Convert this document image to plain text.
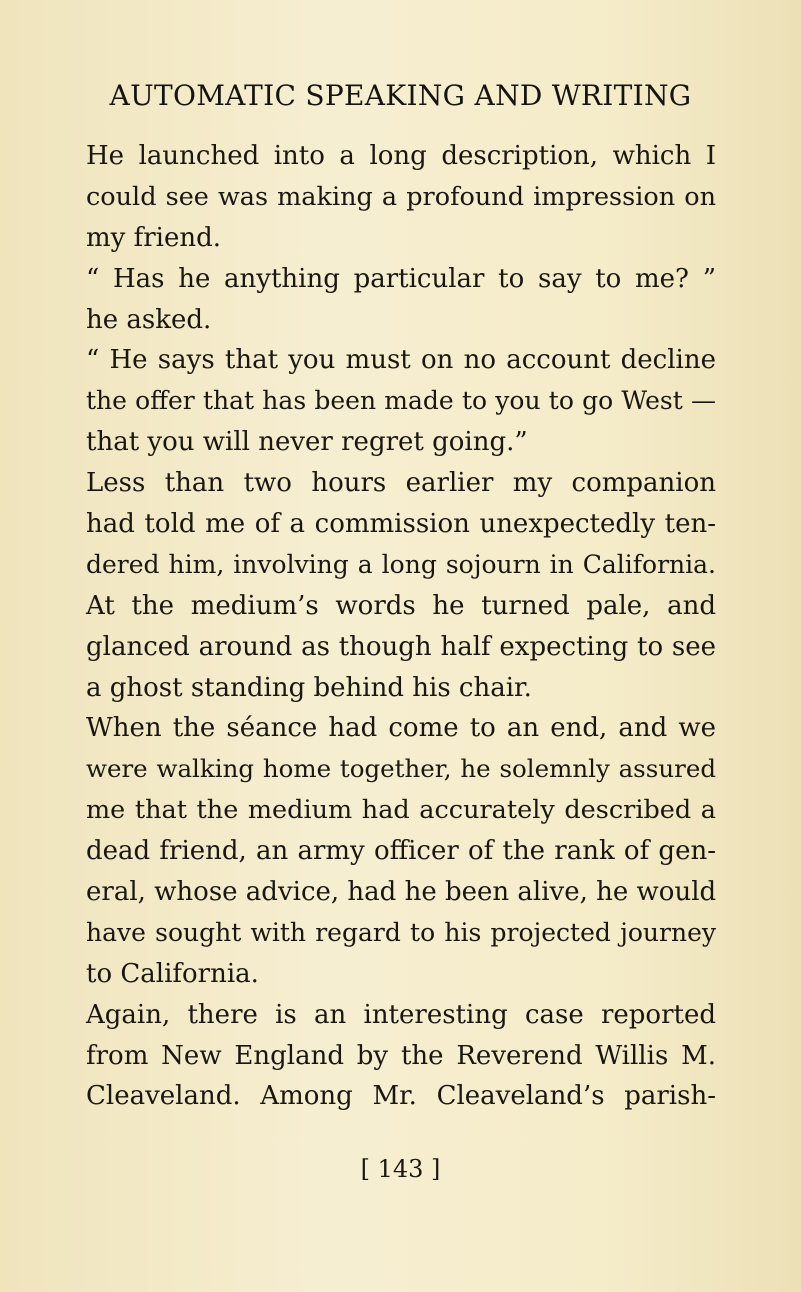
AUTOMATIC SPEAKING AND WRITING
He launched into a long description, which I
could see was making a profound impression on
my friend.
“ Has he anything particular to say to me? ”
he asked.
“ He says that you must on no account decline
the offer that has been made to you to go West —
that you will never regret going.”
Less than two hours earlier my companion
had told me of a commission unexpectedly ten-
dered him, involving a long sojourn in California.
At the medium’s words he turned pale, and
glanced around as though half expecting to see
a ghost standing behind his chair.
When the séance had come to an end, and we
were walking home together, he solemnly assured
me that the medium had accurately described a
dead friend, an army officer of the rank of gen-
eral, whose advice, had he been alive, he would
have sought with regard to his projected journey
to California.
Again, there is an interesting case reported
from New England by the Reverend Willis M.
Cleaveland. Among Mr. Cleaveland’s parish-

[ 143 ]
